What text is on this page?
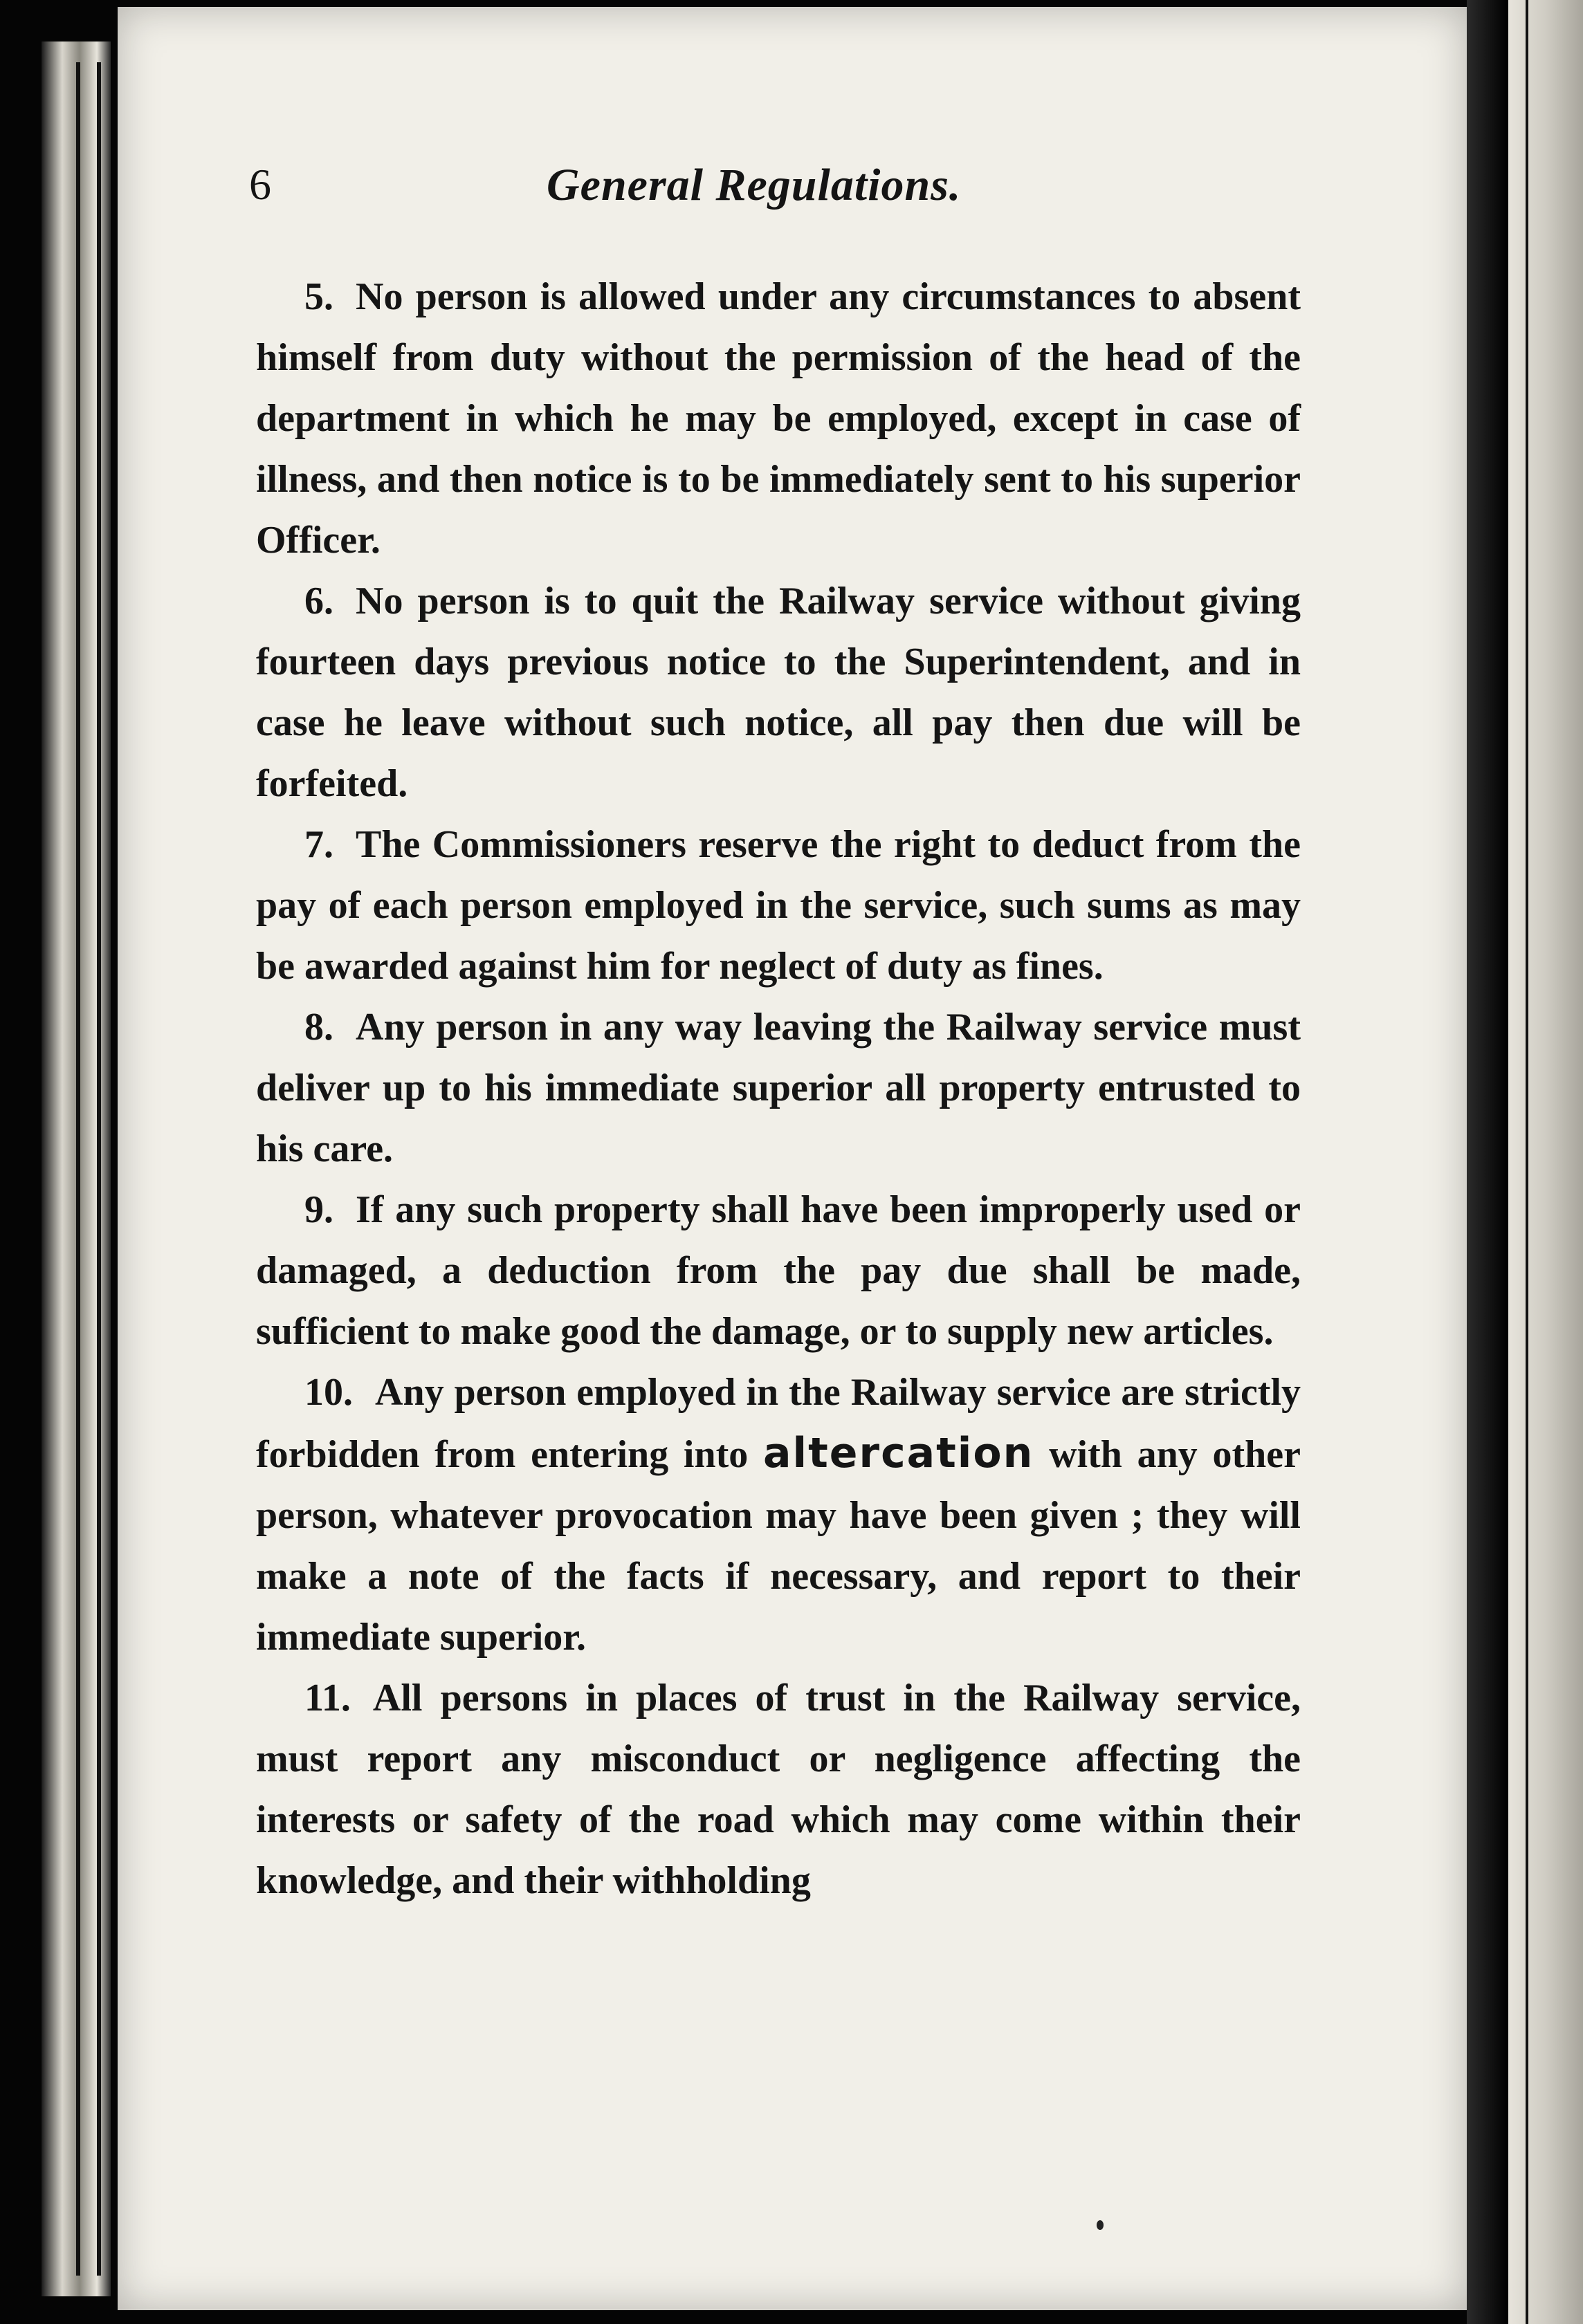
6	General Regulations.

5. No person is allowed under any circumstances to absent himself from duty without the permission of the head of the department in which he may be employed, except in case of illness, and then notice is to be immediately sent to his superior Officer.

6. No person is to quit the Railway service without giving fourteen days previous notice to the Superintendent, and in case he leave without such notice, all pay then due will be forfeited.

7. The Commissioners reserve the right to deduct from the pay of each person employed in the service, such sums as may be awarded against him for neglect of duty as fines.

8. Any person in any way leaving the Railway service must deliver up to his immediate superior all property entrusted to his care.

9. If any such property shall have been improperly used or damaged, a deduction from the pay due shall be made, sufficient to make good the damage, or to supply new articles.

10. Any person employed in the Railway service are strictly forbidden from entering into altercation with any other person, whatever provocation may have been given ; they will make a note of the facts if necessary, and report to their immediate superior.

11. All persons in places of trust in the Railway service, must report any misconduct or negligence affecting the interests or safety of the road which may come within their knowledge, and their withholding
